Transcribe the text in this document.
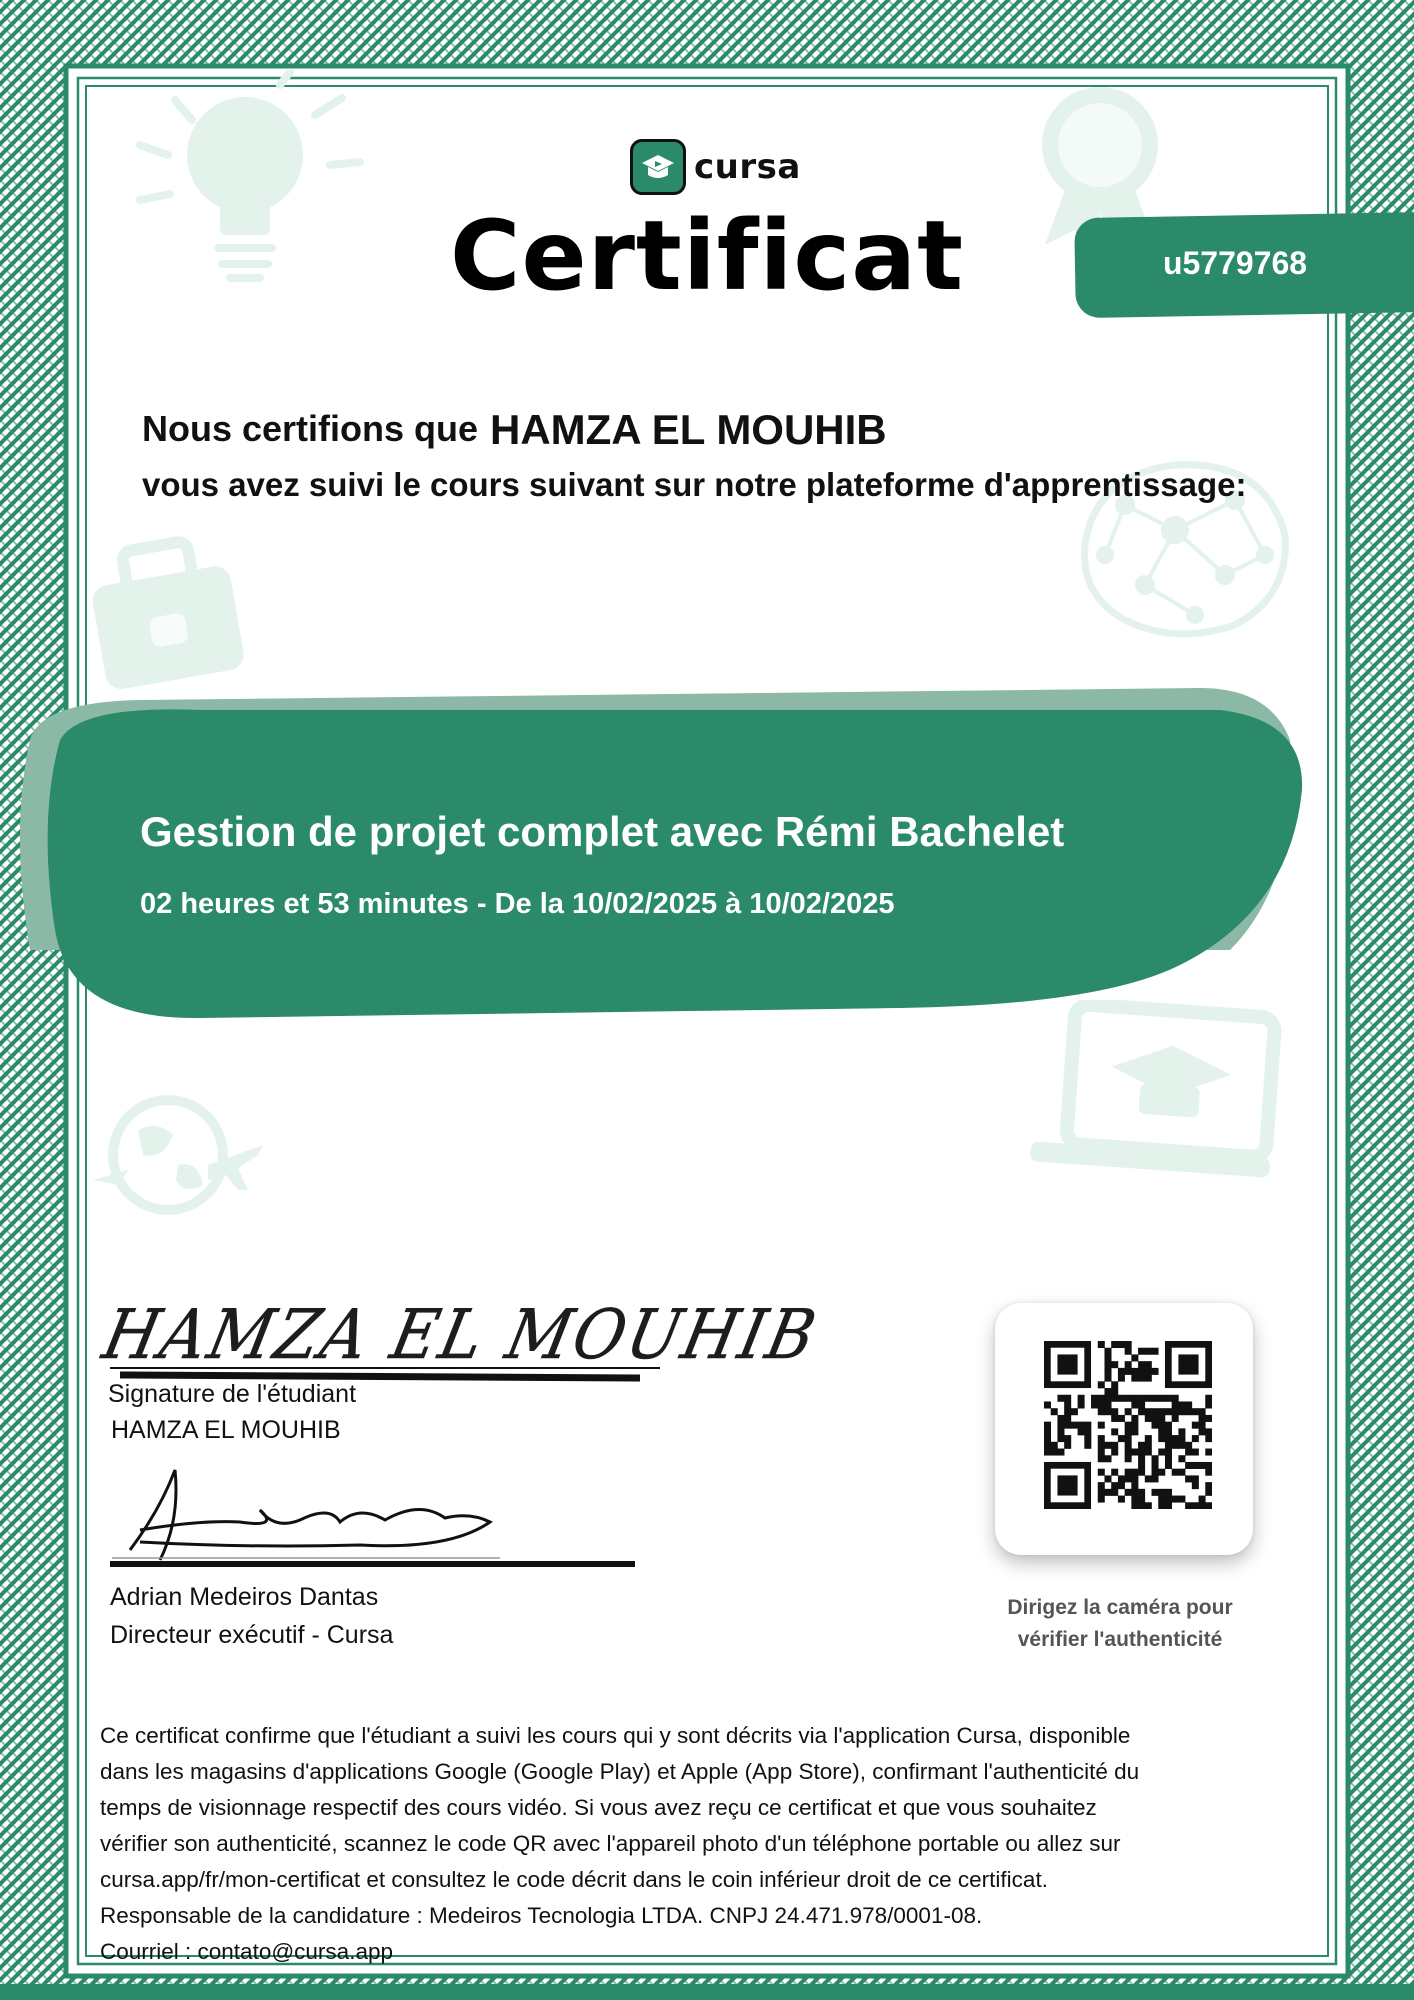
cursa
Certificat	u5779768
Nous certifions que HAMZA EL MOUHIB
vous avez suivi le cours suivant sur notre plateforme d'apprentissage:
Gestion de projet complet avec Rémi Bachelet
02 heures et 53 minutes - De la 10/02/2025 à 10/02/2025
HAMZA EL MOUHIB
Signature de l'étudiant
HAMZA EL MOUHIB
Adrian Medeiros Dantas
Directeur exécutif - Cursa
Dirigez la caméra pour
vérifier l'authenticité
Ce certificat confirme que l'étudiant a suivi les cours qui y sont décrits via l'application Cursa, disponible
dans les magasins d'applications Google (Google Play) et Apple (App Store), confirmant l'authenticité du
temps de visionnage respectif des cours vidéo. Si vous avez reçu ce certificat et que vous souhaitez
vérifier son authenticité, scannez le code QR avec l'appareil photo d'un téléphone portable ou allez sur
cursa.app/fr/mon-certificat et consultez le code décrit dans le coin inférieur droit de ce certificat.
Responsable de la candidature : Medeiros Tecnologia LTDA. CNPJ 24.471.978/0001-08.
Courriel : contato@cursa.app
